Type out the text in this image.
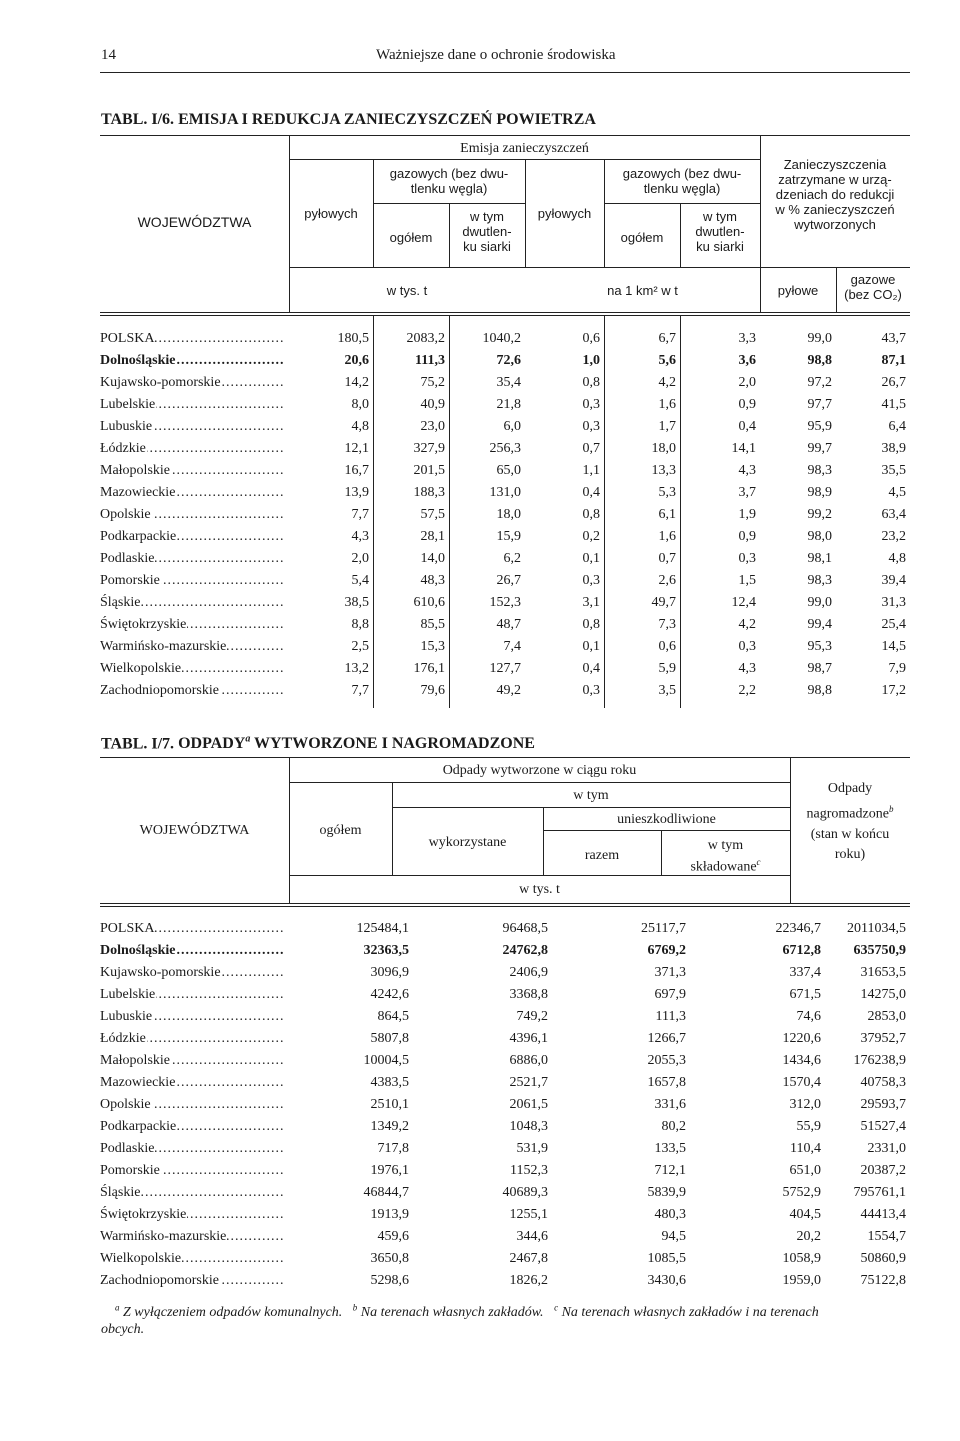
14	Ważniejsze dane o ochronie środowiska
TABL. I/6. EMISJA I REDUKCJA ZANIECZYSZCZEŃ POWIETRZA
Emisja zanieczyszczeń
WOJEWÓDZTWA
pyłowych
gazowych (bez dwu-
tlenku węgla)
ogółem
w tym
dwutlen-
ku siarki
pyłowych
gazowych (bez dwu-
tlenku węgla)
ogółem
w tym
dwutlen-
ku siarki
Zanieczyszczenia
zatrzymane w urzą-
dzeniach do redukcji
w % zanieczyszczeń
wytworzonych
w tys. t	na 1 km² w t	pyłowe
gazowe
(bez CO₂)
POLSKA .....	180,5	2083,2	1040,2	0,6	6,7	3,3	99,0	43,7
Dolnośląskie .....	20,6	111,3	72,6	1,0	5,6	3,6	98,8	87,1
Kujawsko-pomorskie .....	14,2	75,2	35,4	0,8	4,2	2,0	97,2	26,7
Lubelskie .....	8,0	40,9	21,8	0,3	1,6	0,9	97,7	41,5
Lubuskie .....	4,8	23,0	6,0	0,3	1,7	0,4	95,9	6,4
Łódzkie .....	12,1	327,9	256,3	0,7	18,0	14,1	99,7	38,9
Małopolskie .....	16,7	201,5	65,0	1,1	13,3	4,3	98,3	35,5
Mazowieckie .....	13,9	188,3	131,0	0,4	5,3	3,7	98,9	4,5
Opolskie .....	7,7	57,5	18,0	0,8	6,1	1,9	99,2	63,4
Podkarpackie .....	4,3	28,1	15,9	0,2	1,6	0,9	98,0	23,2
Podlaskie .....	2,0	14,0	6,2	0,1	0,7	0,3	98,1	4,8
Pomorskie .....	5,4	48,3	26,7	0,3	2,6	1,5	98,3	39,4
Śląskie .....	38,5	610,6	152,3	3,1	49,7	12,4	99,0	31,3
Świętokrzyskie .....	8,8	85,5	48,7	0,8	7,3	4,2	99,4	25,4
Warmińsko-mazurskie .....	2,5	15,3	7,4	0,1	0,6	0,3	95,3	14,5
Wielkopolskie .....	13,2	176,1	127,7	0,4	5,9	4,3	98,7	7,9
Zachodniopomorskie .....	7,7	79,6	49,2	0,3	3,5	2,2	98,8	17,2
TABL. I/7. ODPADY$^a$ WYTWORZONE I NAGROMADZONE
Odpady wytworzone w ciągu roku
WOJEWÓDZTWA	ogółem
w tym
wykorzystane
unieszkodliwione
razem
w tym
składowane$^c$
Odpady
nagromadzone$^b$
(stan w końcu
roku)
w tys. t
POLSKA .....	125484,1	96468,5	25117,7	22346,7	2011034,5
Dolnośląskie .....	32363,5	24762,8	6769,2	6712,8	635750,9
Kujawsko-pomorskie .....	3096,9	2406,9	371,3	337,4	31653,5
Lubelskie .....	4242,6	3368,8	697,9	671,5	14275,0
Lubuskie .....	864,5	749,2	111,3	74,6	2853,0
Łódzkie .....	5807,8	4396,1	1266,7	1220,6	37952,7
Małopolskie .....	10004,5	6886,0	2055,3	1434,6	176238,9
Mazowieckie .....	4383,5	2521,7	1657,8	1570,4	40758,3
Opolskie .....	2510,1	2061,5	331,6	312,0	29593,7
Podkarpackie .....	1349,2	1048,3	80,2	55,9	51527,4
Podlaskie .....	717,8	531,9	133,5	110,4	2331,0
Pomorskie .....	1976,1	1152,3	712,1	651,0	20387,2
Śląskie .....	46844,7	40689,3	5839,9	5752,9	795761,1
Świętokrzyskie .....	1913,9	1255,1	480,3	404,5	44413,4
Warmińsko-mazurskie .....	459,6	344,6	94,5	20,2	1554,7
Wielkopolskie .....	3650,8	2467,8	1085,5	1058,9	50860,9
Zachodniopomorskie .....	5298,6	1826,2	3430,6	1959,0	75122,8
$^a$ Z wyłączeniem odpadów komunalnych. $^b$ Na terenach własnych zakładów. $^c$ Na terenach własnych zakładów i na terenach
obcych.
